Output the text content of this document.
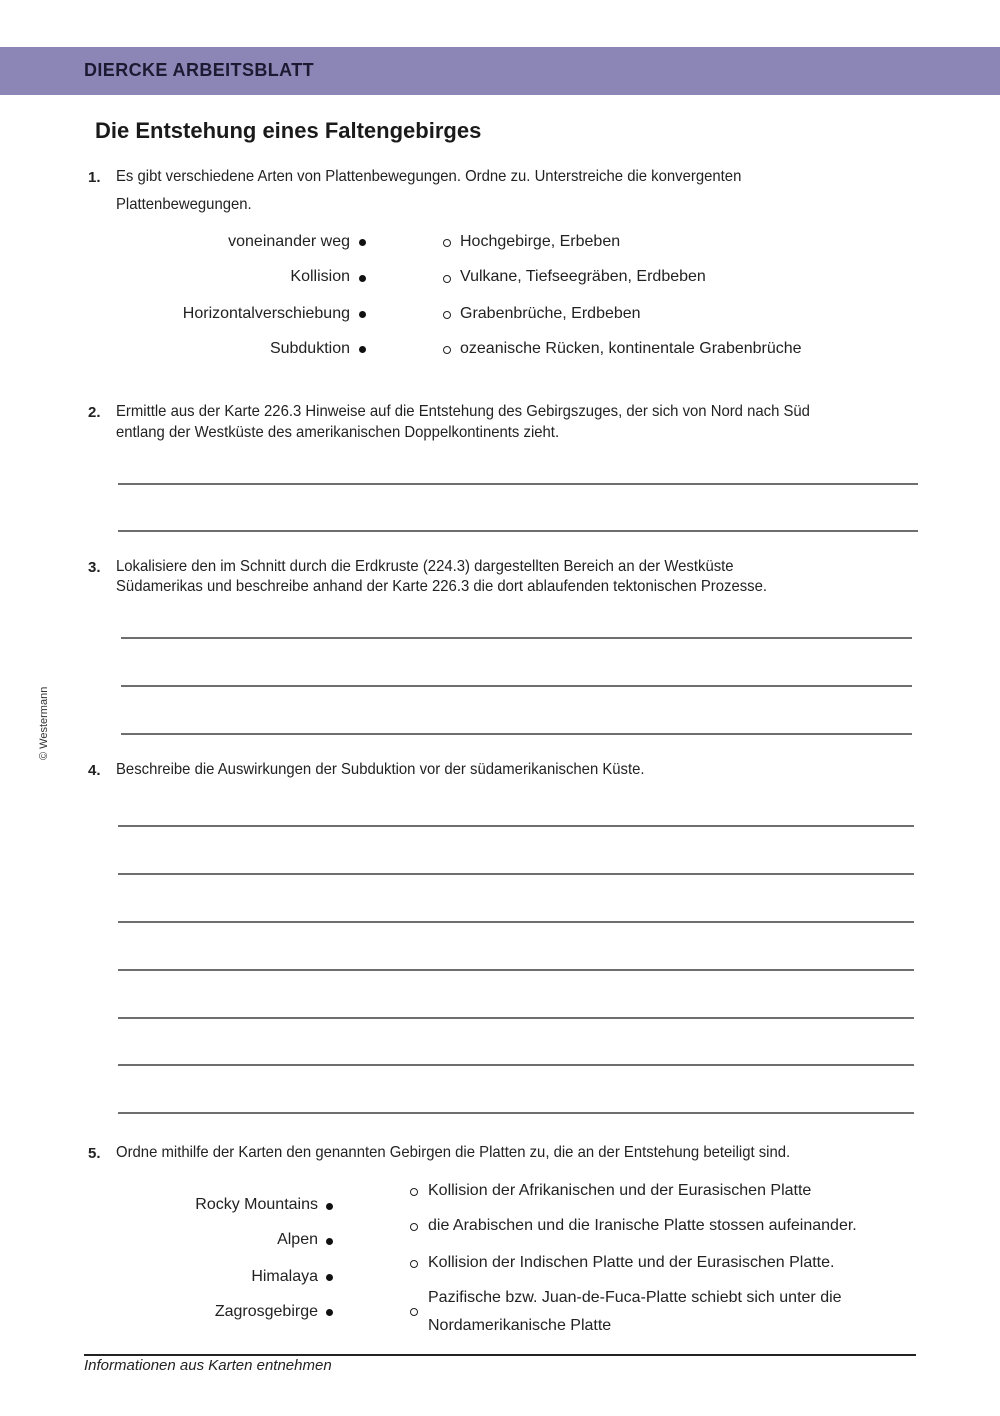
DIERCKE ARBEITSBLATT
Die Entstehung eines Faltengebirges
© Westermann
1. Es gibt verschiedene Arten von Plattenbewegungen. Ordne zu. Unterstreiche die konvergenten
Plattenbewegungen.
voneinander weg
Kollision
Horizontalverschiebung
Subduktion
Hochgebirge, Erbeben
Vulkane, Tiefseegräben, Erdbeben
Grabenbrüche, Erdbeben
ozeanische Rücken, kontinentale Grabenbrüche
2. Ermittle aus der Karte 226.3 Hinweise auf die Entstehung des Gebirgszuges, der sich von Nord nach Süd
entlang der Westküste des amerikanischen Doppelkontinents zieht.
3. Lokalisiere den im Schnitt durch die Erdkruste (224.3) dargestellten Bereich an der Westküste
Südamerikas und beschreibe anhand der Karte 226.3 die dort ablaufenden tektonischen Prozesse.
4. Beschreibe die Auswirkungen der Subduktion vor der südamerikanischen Küste.
5. Ordne mithilfe der Karten den genannten Gebirgen die Platten zu, die an der Entstehung beteiligt sind.
Rocky Mountains
Alpen
Himalaya
Zagrosgebirge
Kollision der Afrikanischen und der Eurasischen Platte
die Arabischen und die Iranische Platte stossen aufeinander.
Kollision der Indischen Platte und der Eurasischen Platte.
Pazifische bzw. Juan-de-Fuca-Platte schiebt sich unter die
Nordamerikanische Platte
Informationen aus Karten entnehmen
